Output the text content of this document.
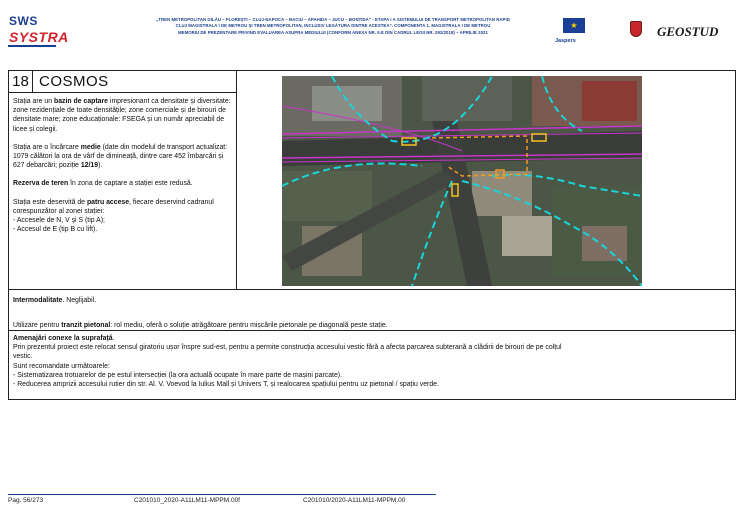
SWS
SYSTRA
„TREN METROPOLITAN GILĂU – FLOREȘTI – CLUJ-NAPOCA – BACIU – APAHIDA – JUCU – BONȚIDA” - ETAPA I A SISTEMULUI DE TRANSPORT METROPOLITAN RAPID
CLUJ MAGISTRALA I DE METROU ȘI TREN METROPOLITAN, INCLUSIV LEGĂTURA DINTRE ACESTEA”. COMPONENTA 1. MAGISTRALA I DE METROU
MEMORIU DE PREZENTARE PRIVIND EVALUAREA ASUPRA MEDIULUI (CONFORM ANEXA NR. 5.E DIN CADRUL LEGII NR. 292/2018) – APRILIE 2021
★
Jaspers
GEOSTUD
18 COSMOS

Stația are un bazin de captare impresionant ca densitate și diversitate: zone rezidențiale de toate densitățile; zone comerciale și de birouri de densitate mare; zone educaționale: FSEGA și un număr apreciabil de licee și colegii.

Stația are o încărcare medie (date din modelul de transport actualizat: 1079 călători la ora de vârf de dimineață, dintre care 452 îmbarcări și 627 debarcări; poziție 12/19).

Rezerva de teren în zona de captare a stației este redusă.

Stația este deservită de patru accese, fiecare deservind cadranul corespunzător al zonei stației:
- Accesele de N, V și S (tip A);
- Accesul de E (tip B cu lift).

Intermodalitate. Neglijabil.
Utilizare pentru tranzit pietonal: rol mediu, oferă o soluție atrăgătoare pentru mișcările pietonale pe diagonală peste stație.
Amenajări conexe la suprafață.
Prin prezentul proiect este relocat sensul giratoriu ușor înspre sud-est, pentru a permite construcția accesului vestic fără a afecta parcarea subterană a clădirii de birouri de pe colțul
vestic.
Sunt recomandate următoarele:
- Sistematizarea trotuarelor de pe estul intersecției (la ora actuală ocupate în mare parte de mașini parcate).
- Reducerea amprizii accesului rutier din str. Al. V. Voevod la Iulius Mall și Univers T, și realocarea spațiului pentru uz pietonal / spațiu verde.
Pag. 56/273	C201010_2020-A11LM11-MPPM.00f	C201010/2020-A11LM11-MPPM.00
